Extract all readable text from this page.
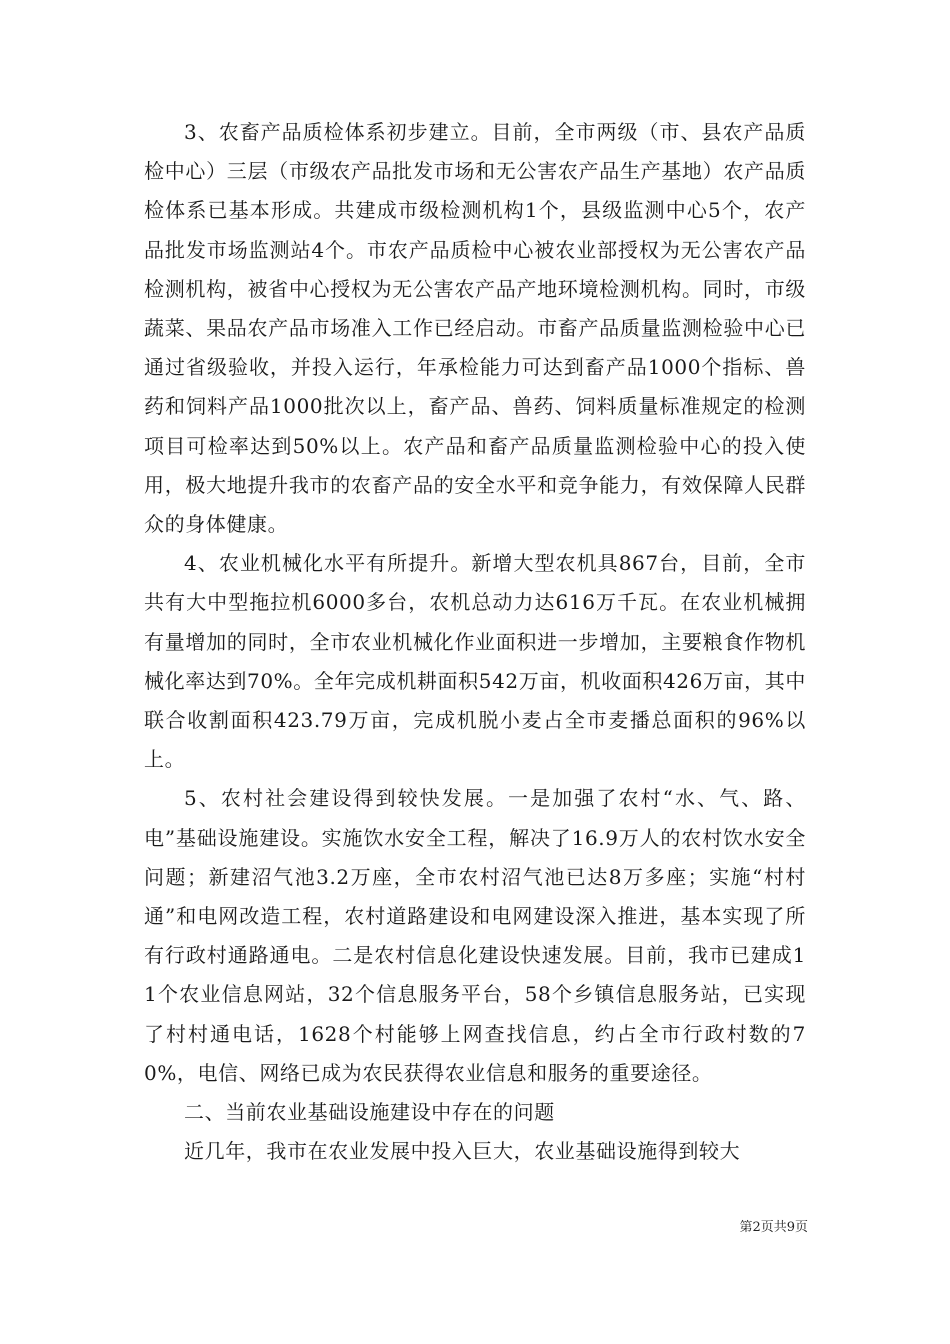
3、农畜产品质检体系初步建立。目前，全市两级（市、县农产品质检中心）三层（市级农产品批发市场和无公害农产品生产基地）农产品质检体系已基本形成。共建成市级检测机构1个，县级监测中心5个，农产品批发市场监测站4个。市农产品质检中心被农业部授权为无公害农产品检测机构，被省中心授权为无公害农产品产地环境检测机构。同时，市级蔬菜、果品农产品市场准入工作已经启动。市畜产品质量监测检验中心已通过省级验收，并投入运行，年承检能力可达到畜产品1000个指标、兽药和饲料产品1000批次以上，畜产品、兽药、饲料质量标准规定的检测项目可检率达到50%以上。农产品和畜产品质量监测检验中心的投入使用，极大地提升我市的农畜产品的安全水平和竞争能力，有效保障人民群众的身体健康。

4、农业机械化水平有所提升。新增大型农机具867台，目前，全市共有大中型拖拉机6000多台，农机总动力达616万千瓦。在农业机械拥有量增加的同时，全市农业机械化作业面积进一步增加，主要粮食作物机械化率达到70%。全年完成机耕面积542万亩，机收面积426万亩，其中联合收割面积423.79万亩，完成机脱小麦占全市麦播总面积的96%以上。

5、农村社会建设得到较快发展。一是加强了农村“水、气、路、电”基础设施建设。实施饮水安全工程，解决了16.9万人的农村饮水安全问题；新建沼气池3.2万座，全市农村沼气池已达8万多座；实施“村村通”和电网改造工程，农村道路建设和电网建设深入推进，基本实现了所有行政村通路通电。二是农村信息化建设快速发展。目前，我市已建成11个农业信息网站，32个信息服务平台，58个乡镇信息服务站，已实现了村村通电话，1628个村能够上网查找信息，约占全市行政村数的70%，电信、网络已成为农民获得农业信息和服务的重要途径。

二、当前农业基础设施建设中存在的问题

近几年，我市在农业发展中投入巨大，农业基础设施得到较大

第2页共9页
